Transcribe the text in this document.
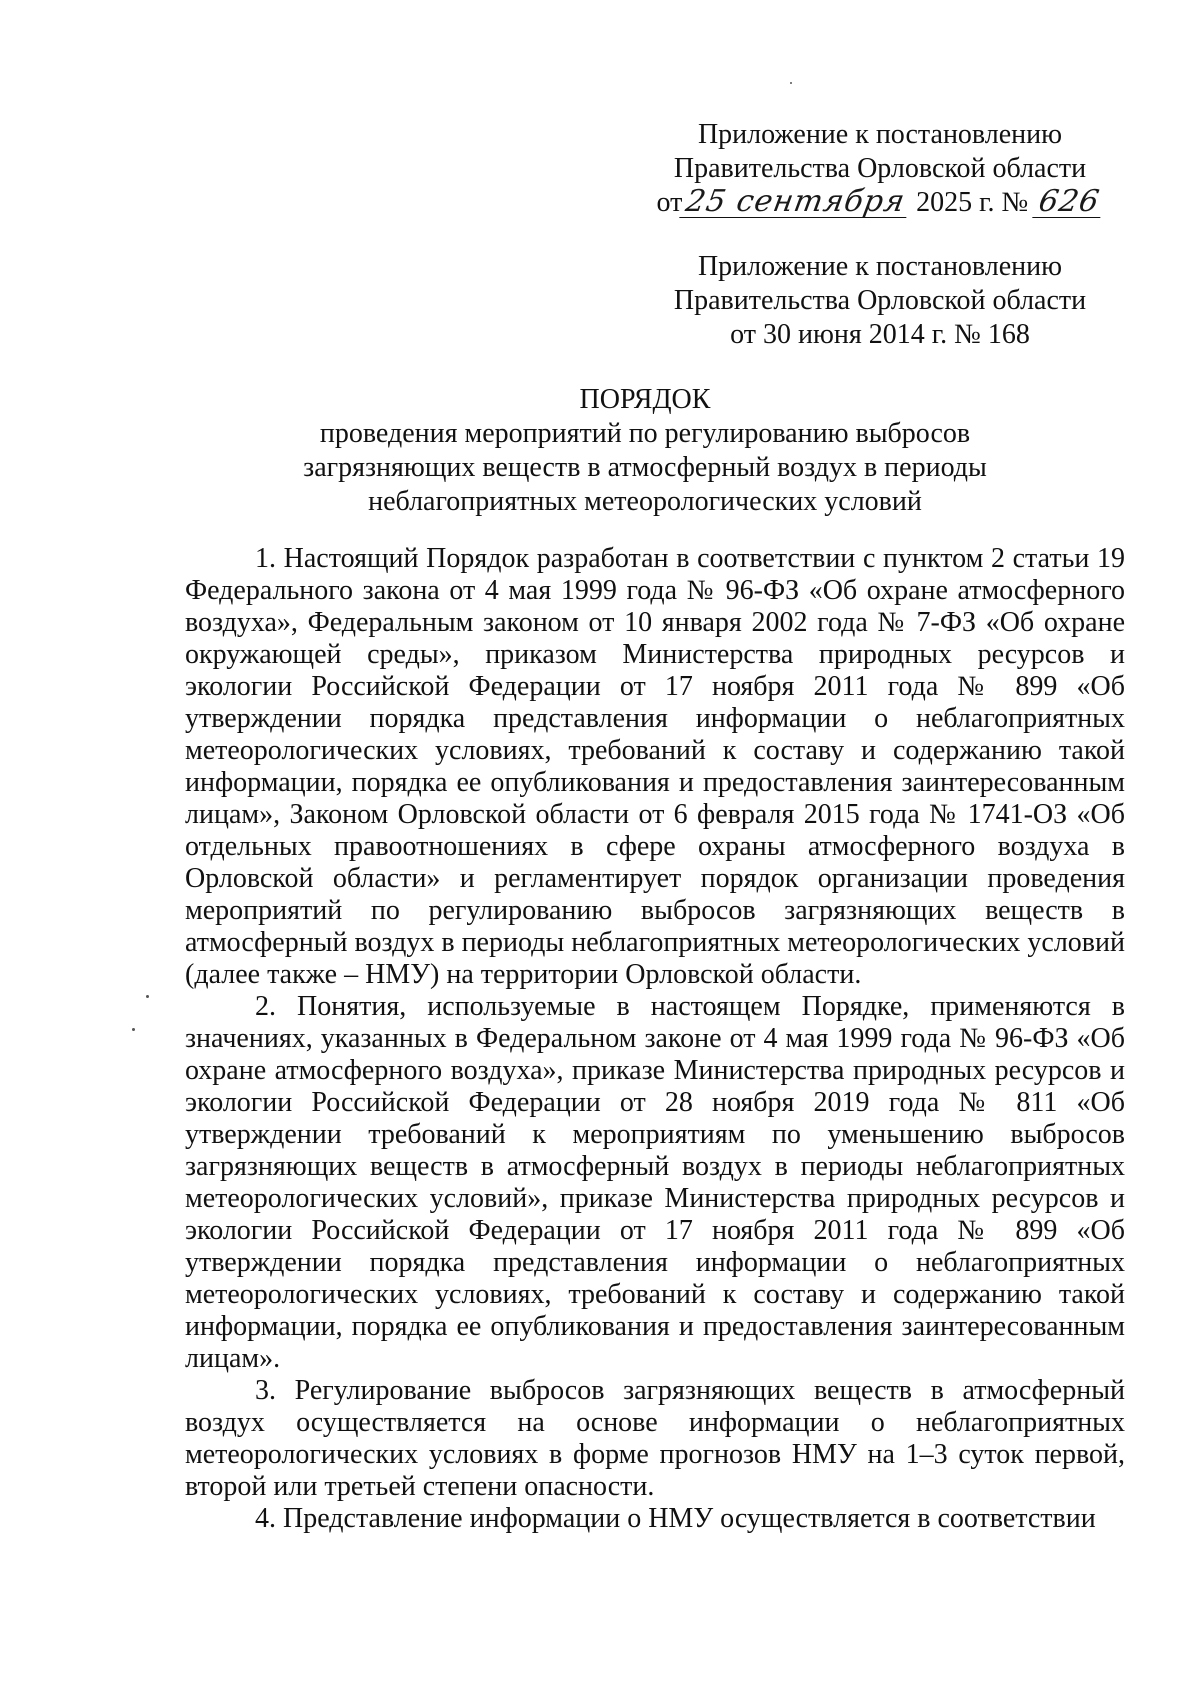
Приложение к постановлению

Правительства Орловской области

от25 сентября 2025 г. № 626

Приложение к постановлению

Правительства Орловской области

от 30 июня 2014 г. № 168

ПОРЯДОК

проведения мероприятий по регулированию выбросов

загрязняющих веществ в атмосферный воздух в периоды

неблагоприятных метеорологических условий

1. Настоящий Порядок разработан в соответствии с пунктом 2 статьи 19 Федерального закона от 4 мая 1999 года № 96-ФЗ «Об охране атмосферного воздуха», Федеральным законом от 10 января 2002 года № 7-ФЗ «Об охране окружающей среды», приказом Министерства природных ресурсов и экологии Российской Федерации от 17 ноября 2011 года № 899 «Об утверждении порядка представления информации о неблагоприятных метеорологических условиях, требований к составу и содержанию такой информации, порядка ее опубликования и предоставления заинтересованным лицам», Законом Орловской области от 6 февраля 2015 года № 1741-ОЗ «Об отдельных правоотношениях в сфере охраны атмосферного воздуха в Орловской области» и регламентирует порядок организации проведения мероприятий по регулированию выбросов загрязняющих веществ в атмосферный воздух в периоды неблагоприятных метеорологических условий (далее также – НМУ) на территории Орловской области.

2. Понятия, используемые в настоящем Порядке, применяются в значениях, указанных в Федеральном законе от 4 мая 1999 года № 96-ФЗ «Об охране атмосферного воздуха», приказе Министерства природных ресурсов и экологии Российской Федерации от 28 ноября 2019 года № 811 «Об утверждении требований к мероприятиям по уменьшению выбросов загрязняющих веществ в атмосферный воздух в периоды неблагоприятных метеорологических условий», приказе Министерства природных ресурсов и экологии Российской Федерации от 17 ноября 2011 года № 899 «Об утверждении порядка представления информации о неблагоприятных метеорологических условиях, требований к составу и содержанию такой информации, порядка ее опубликования и предоставления заинтересованным лицам».

3. Регулирование выбросов загрязняющих веществ в атмосферный воздух осуществляется на основе информации о неблагоприятных метеорологических условиях в форме прогнозов НМУ на 1–3 суток первой, второй или третьей степени опасности.

4. Представление информации о НМУ осуществляется в соответствии
